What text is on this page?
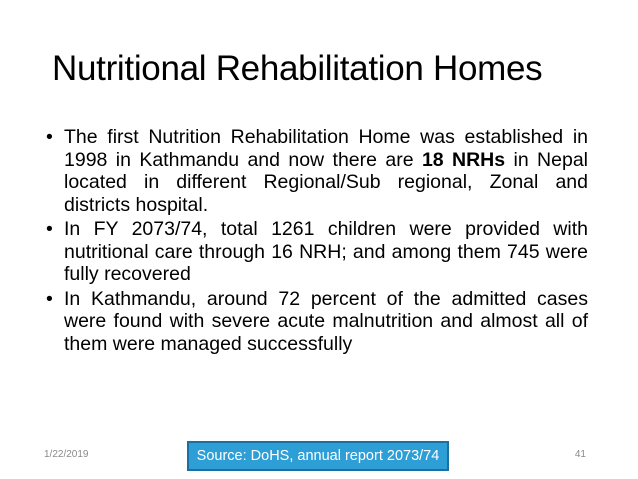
Nutritional Rehabilitation Homes
• The first Nutrition Rehabilitation Home was established in 1998 in Kathmandu and now there are 18 NRHs in Nepal located in different Regional/Sub regional, Zonal and districts hospital.
• In FY 2073/74, total 1261 children were provided with nutritional care through 16 NRH; and among them 745 were fully recovered
• In Kathmandu, around 72 percent of the admitted cases were found with severe acute malnutrition and almost all of them were managed successfully
1/22/2019	Source: DoHS, annual report 2073/74	41
